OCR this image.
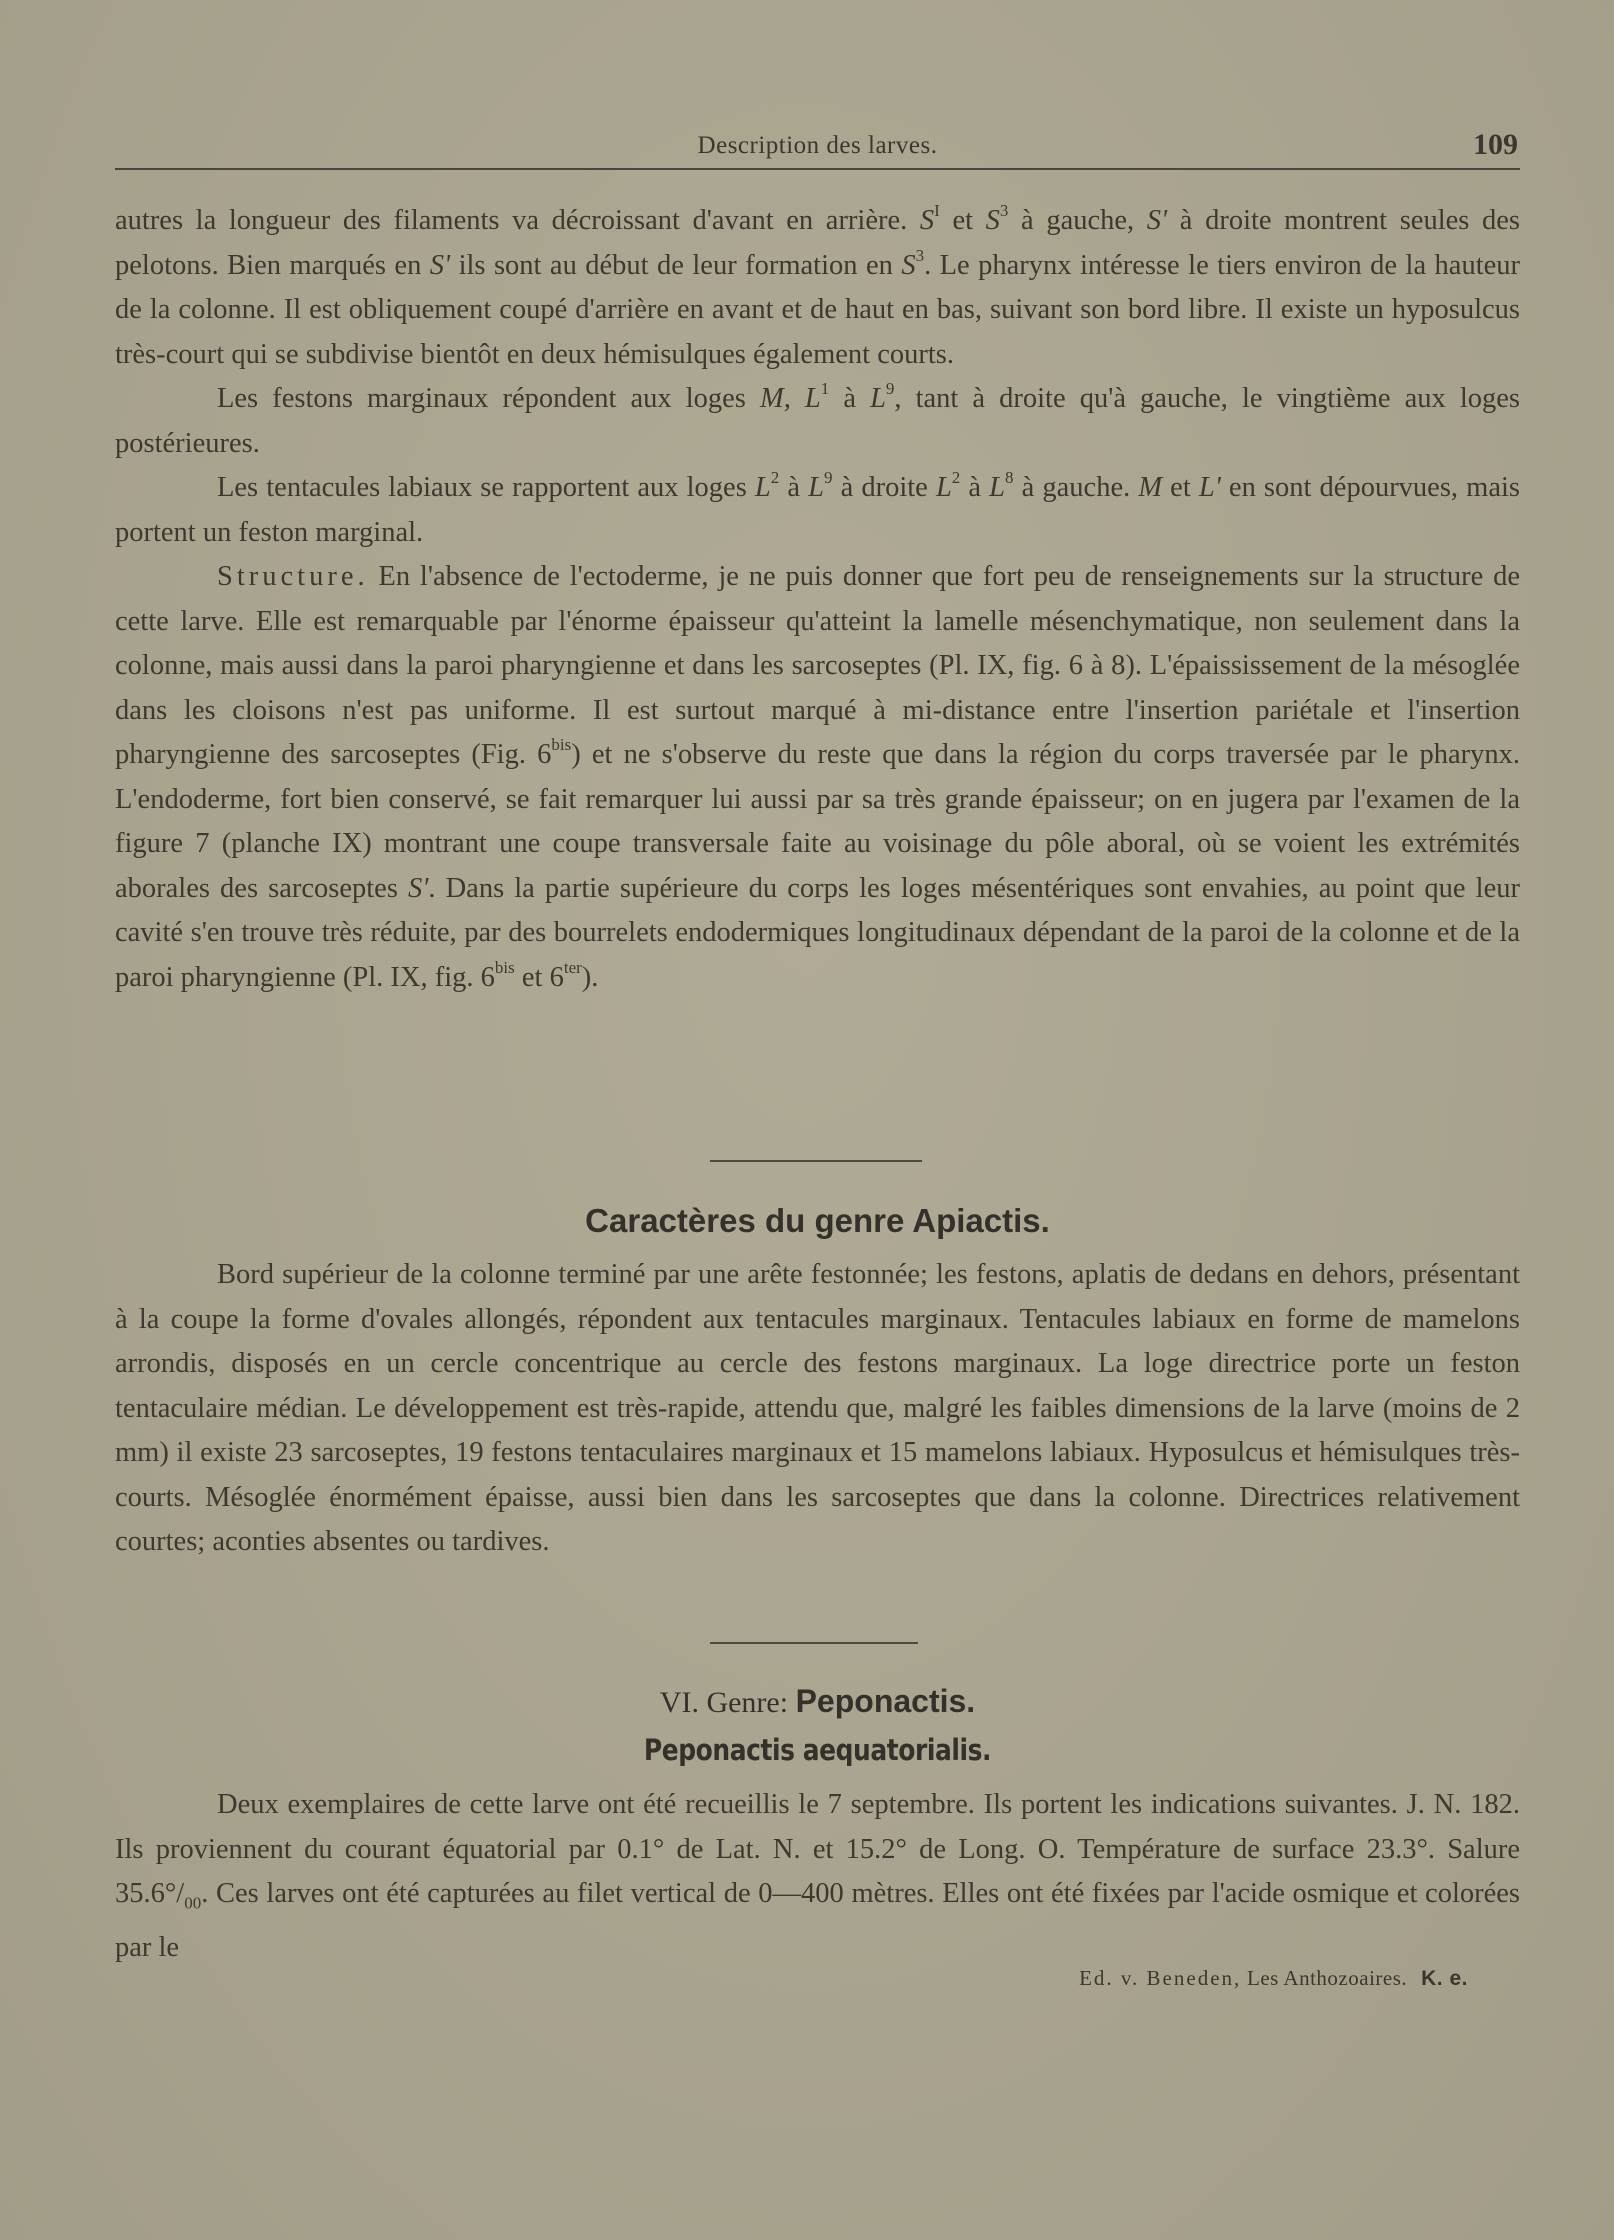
Description des larves.	109

autres la longueur des filaments va décroissant d'avant en arrière. $S^I$ et $S^3$ à gauche, S' à droite montrent seules des pelotons. Bien marqués en S' ils sont au début de leur formation en $S^3$. Le pharynx intéresse le tiers environ de la hauteur de la colonne. Il est obliquement coupé d'arrière en avant et de haut en bas, suivant son bord libre. Il existe un hyposulcus très-court qui se subdivise bientôt en deux hémisulques également courts.

Les festons marginaux répondent aux loges M, $L^1$ à $L^9$, tant à droite qu'à gauche, le vingtième aux loges postérieures.

Les tentacules labiaux se rapportent aux loges $L^2$ à $L^9$ à droite $L^2$ à $L^8$ à gauche. M et L' en sont dépourvues, mais portent un feston marginal.

Structure. En l'absence de l'ectoderme, je ne puis donner que fort peu de renseignements sur la structure de cette larve. Elle est remarquable par l'énorme épaisseur qu'atteint la lamelle mésenchymatique, non seulement dans la colonne, mais aussi dans la paroi pharyngienne et dans les sarcoseptes (Pl. IX, fig. 6 à 8). L'épaississement de la mésoglée dans les cloisons n'est pas uniforme. Il est surtout marqué à mi-distance entre l'insertion pariétale et l'insertion pharyngienne des sarcoseptes (Fig. $6^{bis}$) et ne s'observe du reste que dans la région du corps traversée par le pharynx. L'endoderme, fort bien conservé, se fait remarquer lui aussi par sa très grande épaisseur; on en jugera par l'examen de la figure 7 (planche IX) montrant une coupe transversale faite au voisinage du pôle aboral, où se voient les extrémités aborales des sarcoseptes S'. Dans la partie supérieure du corps les loges mésentériques sont envahies, au point que leur cavité s'en trouve très réduite, par des bourrelets endodermiques longitudinaux dépendant de la paroi de la colonne et de la paroi pharyngienne (Pl. IX, fig. $6^{bis}$ et $6^{ter}$).

Caractères du genre Apiactis.

Bord supérieur de la colonne terminé par une arête festonnée; les festons, aplatis de dedans en dehors, présentant à la coupe la forme d'ovales allongés, répondent aux tentacules marginaux. Tentacules labiaux en forme de mamelons arrondis, disposés en un cercle concentrique au cercle des festons marginaux. La loge directrice porte un feston tentaculaire médian. Le développement est très-rapide, attendu que, malgré les faibles dimensions de la larve (moins de 2 mm) il existe 23 sarcoseptes, 19 festons tentaculaires marginaux et 15 mamelons labiaux. Hyposulcus et hémisulques très-courts. Mésoglée énormément épaisse, aussi bien dans les sarcoseptes que dans la colonne. Directrices relativement courtes; aconties absentes ou tardives.

VI. Genre: Peponactis.
Peponactis aequatorialis.

Deux exemplaires de cette larve ont été recueillis le 7 septembre. Ils portent les indications suivantes. J. N. 182. Ils proviennent du courant équatorial par 0.1° de Lat. N. et 15.2° de Long. O. Température de surface 23.3°. Salure $35.6^\circ/_{00}$. Ces larves ont été capturées au filet vertical de 0—400 mètres. Elles ont été fixées par l'acide osmique et colorées par le

Ed. v. Beneden, Les Anthozoaires. K. e.
